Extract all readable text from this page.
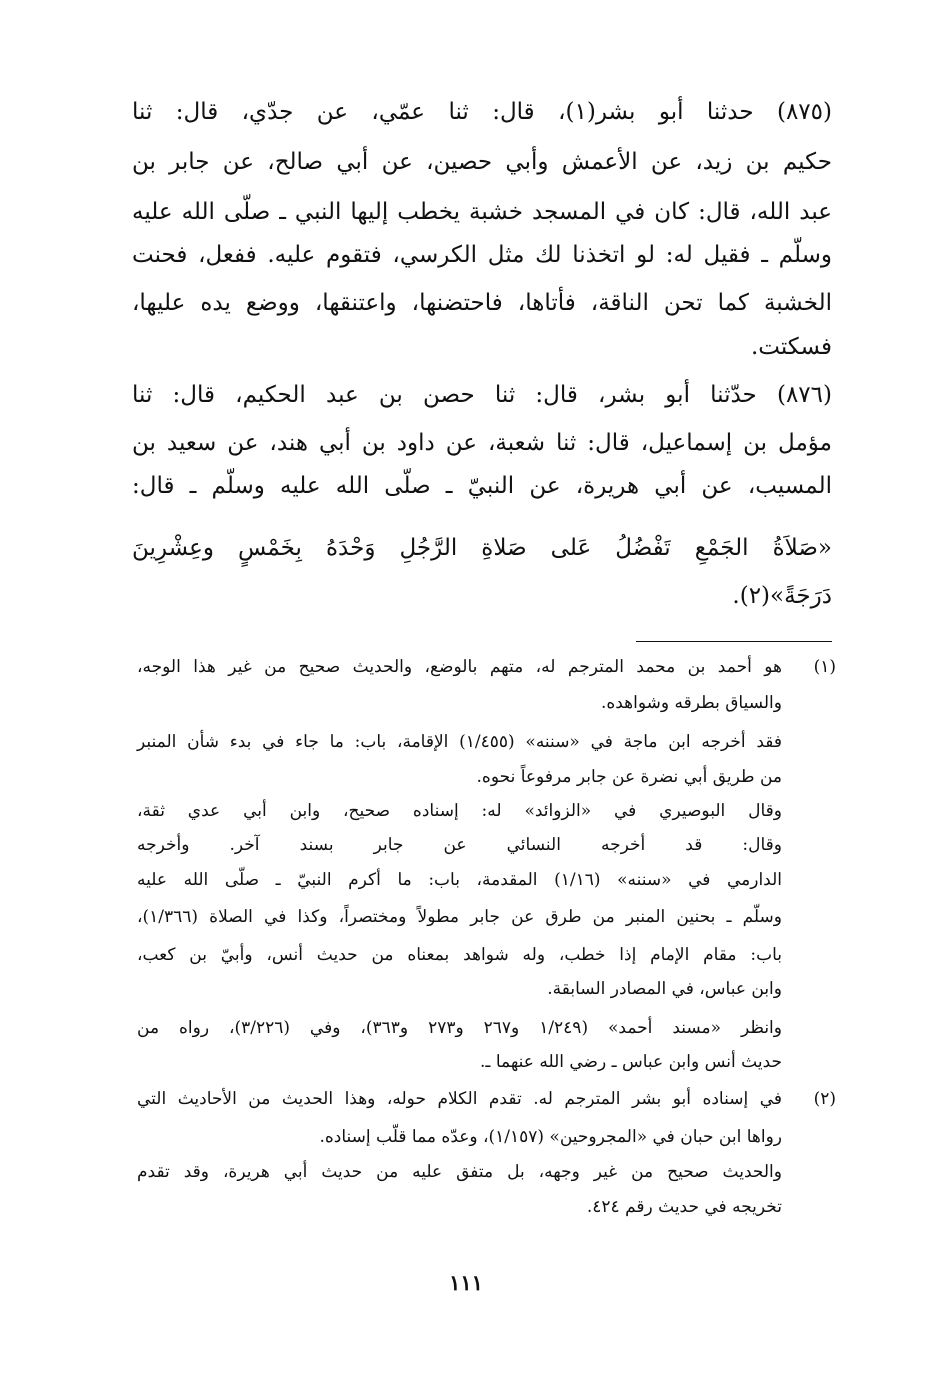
(٨٧٥) حدثنا أبو بشر(١)، قال: ثنا عمّي، عن جدّي، قال: ثنا
حكيم بن زيد، عن الأعمش وأبي حصين، عن أبي صالح، عن جابر بن
عبد الله، قال: كان في المسجد خشبة يخطب إليها النبي ـ صلّى الله عليه
وسلّم ـ فقيل له: لو اتخذنا لك مثل الكرسي، فتقوم عليه. ففعل، فحنت
الخشبة كما تحن الناقة، فأتاها، فاحتضنها، واعتنقها، ووضع يده عليها،
فسكتت.
(٨٧٦) حدّثنا أبو بشر، قال: ثنا حصن بن عبد الحكيم، قال: ثنا
مؤمل بن إسماعيل، قال: ثنا شعبة، عن داود بن أبي هند، عن سعيد بن
المسيب، عن أبي هريرة، عن النبيّ ـ صلّى الله عليه وسلّم ـ قال:
«صَلاَةُ الجَمْعِ تَفْضُلُ عَلى صَلاةِ الرَّجُلِ وَحْدَهُ بِخَمْسٍ وعِشْرِينَ
دَرَجَةً»(٢).
(١)
هو أحمد بن محمد المترجم له، متهم بالوضع، والحديث صحيح من غير هذا الوجه،
والسياق بطرقه وشواهده.
فقد أخرجه ابن ماجة في «سننه» (١/٤٥٥) الإقامة، باب: ما جاء في بدء شأن المنبر
من طريق أبي نضرة عن جابر مرفوعاً نحوه.
وقال البوصيري في «الزوائد» له: إسناده صحيح، وابن أبي عدي ثقة،
وقال: قد أخرجه النسائي عن جابر بسند آخر. وأخرجه
الدارمي في «سننه» (١/١٦) المقدمة، باب: ما أكرم النبيّ ـ صلّى الله عليه
وسلّم ـ بحنين المنبر من طرق عن جابر مطولاً ومختصراً، وكذا في الصلاة (١/٣٦٦)،
باب: مقام الإمام إذا خطب، وله شواهد بمعناه من حديث أنس، وأبيّ بن كعب،
وابن عباس، في المصادر السابقة.
وانظر «مسند أحمد» (١/٢٤٩ و٢٦٧ و٢٧٣ و٣٦٣)، وفي (٣/٢٢٦)، رواه من
حديث أنس وابن عباس ـ رضي الله عنهما ـ.
(٢)
في إسناده أبو بشر المترجم له. تقدم الكلام حوله، وهذا الحديث من الأحاديث التي
رواها ابن حبان في «المجروحين» (١/١٥٧)، وعدّه مما قلّب إسناده.
والحديث صحيح من غير وجهه، بل متفق عليه من حديث أبي هريرة، وقد تقدم
تخريجه في حديث رقم ٤٢٤.
١١١
